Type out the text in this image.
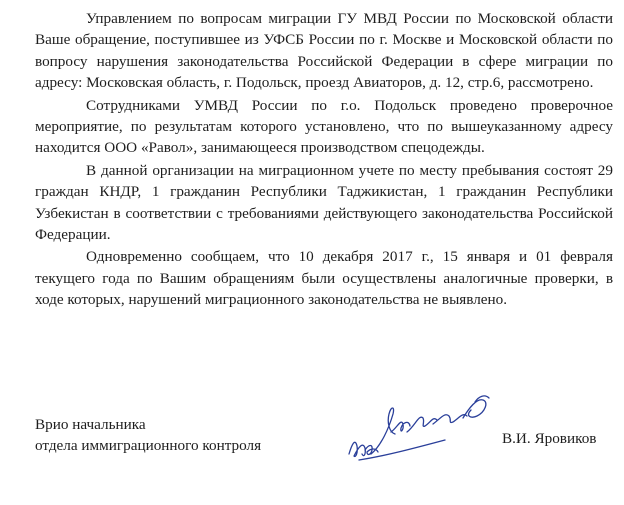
Управлением по вопросам миграции ГУ МВД России по Московской области Ваше обращение, поступившее из УФСБ России по г. Москве и Московской области по вопросу нарушения законодательства Российской Федерации в сфере миграции по адресу: Московская область, г. Подольск, проезд Авиаторов, д. 12, стр.6, рассмотрено.

Сотрудниками УМВД России по г.о. Подольск проведено проверочное мероприятие, по результатам которого установлено, что по вышеуказанному адресу находится ООО «Равол», занимающееся производством спецодежды.

В данной организации на миграционном учете по месту пребывания состоят 29 граждан КНДР, 1 гражданин Республики Таджикистан, 1 гражданин Республики Узбекистан в соответствии с требованиями действующего законодательства Российской Федерации.

Одновременно сообщаем, что 10 декабря 2017 г., 15 января и 01 февраля текущего года по Вашим обращениям были осуществлены аналогичные проверки, в ходе которых, нарушений миграционного законодательства не выявлено.

Врио начальника
отдела иммиграционного контроля	В.И. Яровиков
